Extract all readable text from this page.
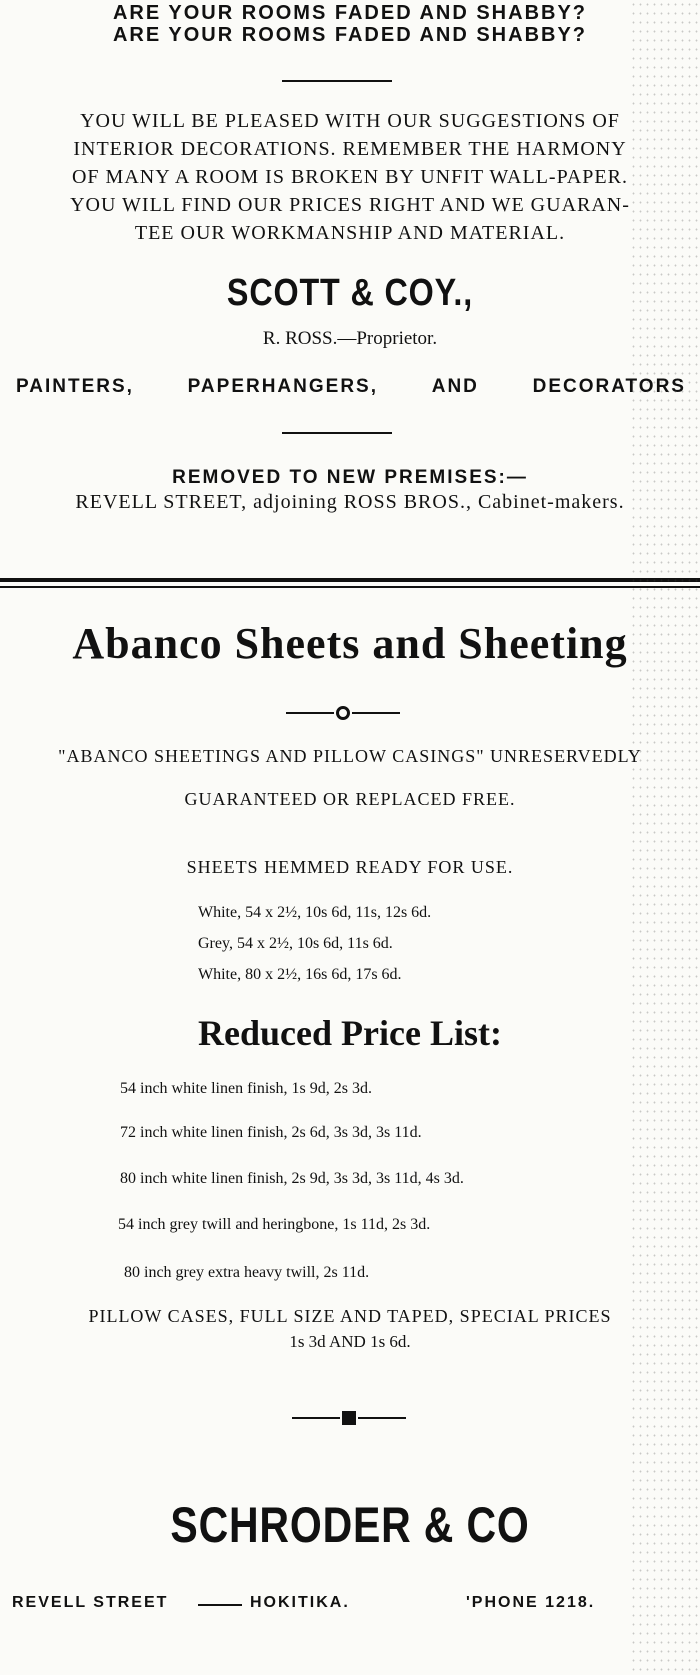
ARE YOUR ROOMS FADED AND SHABBY?
ARE YOUR ROOMS FADED AND SHABBY?
YOU WILL BE PLEASED WITH OUR SUGGESTIONS OF
INTERIOR DECORATIONS. REMEMBER THE HARMONY
OF MANY A ROOM IS BROKEN BY UNFIT WALL-PAPER.
YOU WILL FIND OUR PRICES RIGHT AND WE GUARAN-
TEE OUR WORKMANSHIP AND MATERIAL.
SCOTT & COY.,
R. ROSS.—Proprietor.
PAINTERS,	PAPERHANGERS,	AND	DECORATORS
REMOVED TO NEW PREMISES:—
REVELL STREET, adjoining ROSS BROS., Cabinet-makers.
Abanco Sheets and Sheeting
"ABANCO SHEETINGS AND PILLOW CASINGS" UNRESERVEDLY
GUARANTEED OR REPLACED FREE.
SHEETS HEMMED READY FOR USE.
White, 54 x 2½, 10s 6d, 11s, 12s 6d.
Grey, 54 x 2½, 10s 6d, 11s 6d.
White, 80 x 2½, 16s 6d, 17s 6d.
Reduced Price List:
54 inch white linen finish, 1s 9d, 2s 3d.
72 inch white linen finish, 2s 6d, 3s 3d, 3s 11d.
80 inch white linen finish, 2s 9d, 3s 3d, 3s 11d, 4s 3d.
54 inch grey twill and heringbone, 1s 11d, 2s 3d.
80 inch grey extra heavy twill, 2s 11d.
PILLOW CASES, FULL SIZE AND TAPED, SPECIAL PRICES
1s 3d AND 1s 6d.
SCHRODER & CO
REVELL STREET	HOKITIKA.	'PHONE 1218.
